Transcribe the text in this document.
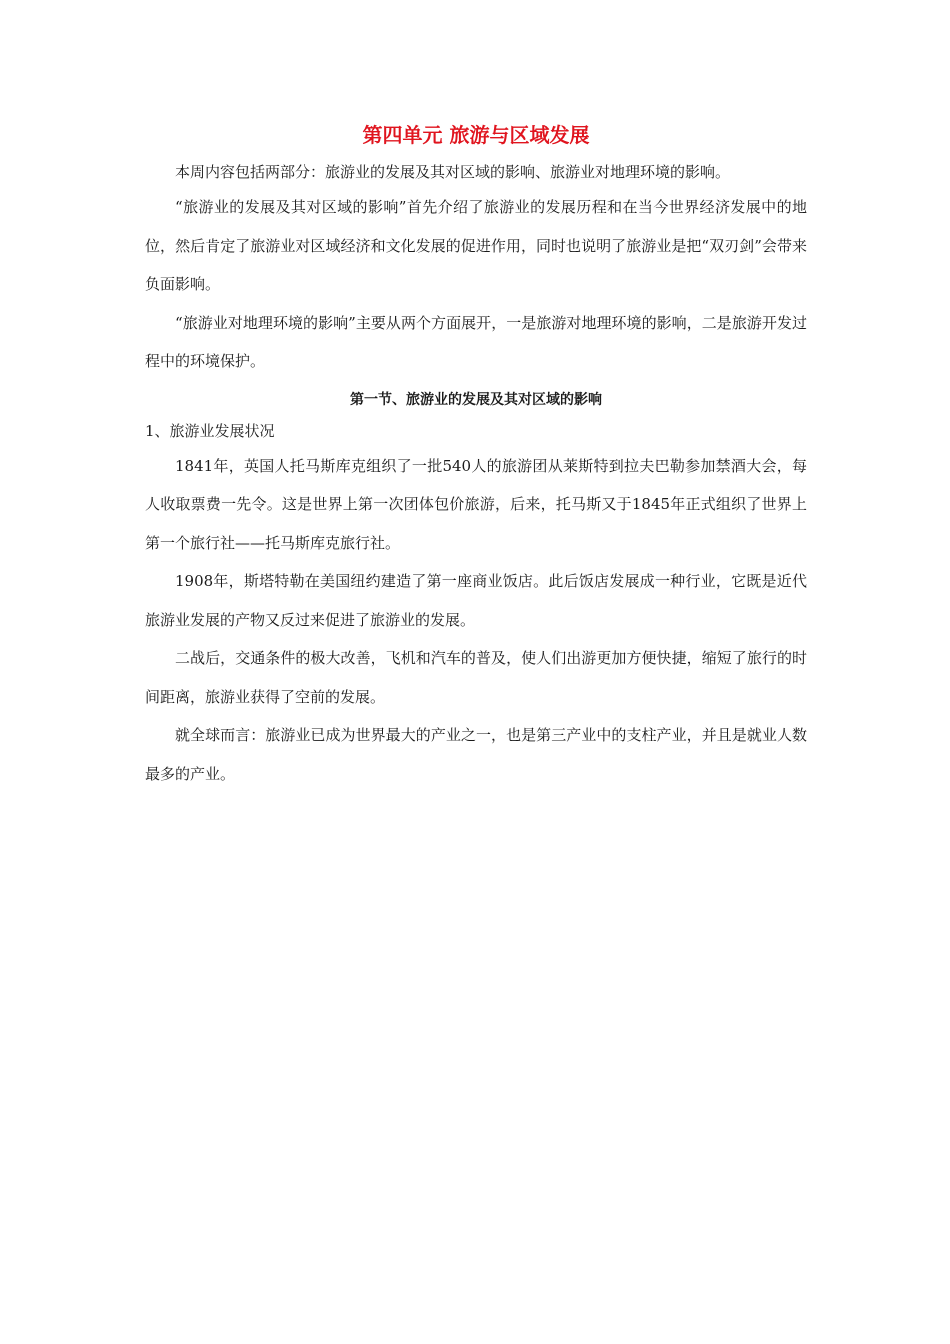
第四单元 旅游与区域发展

本周内容包括两部分：旅游业的发展及其对区域的影响、旅游业对地理环境的影响。

“旅游业的发展及其对区域的影响”首先介绍了旅游业的发展历程和在当今世界经济发展中的地位，然后肯定了旅游业对区域经济和文化发展的促进作用，同时也说明了旅游业是把“双刃剑”会带来负面影响。

“旅游业对地理环境的影响”主要从两个方面展开，一是旅游对地理环境的影响，二是旅游开发过程中的环境保护。

第一节、旅游业的发展及其对区域的影响

1、旅游业发展状况

1841年，英国人托马斯库克组织了一批540人的旅游团从莱斯特到拉夫巴勒参加禁酒大会，每人收取票费一先令。这是世界上第一次团体包价旅游，后来，托马斯又于1845年正式组织了世界上第一个旅行社——托马斯库克旅行社。

1908年，斯塔特勒在美国纽约建造了第一座商业饭店。此后饭店发展成一种行业，它既是近代旅游业发展的产物又反过来促进了旅游业的发展。

二战后，交通条件的极大改善，飞机和汽车的普及，使人们出游更加方便快捷，缩短了旅行的时间距离，旅游业获得了空前的发展。

就全球而言：旅游业已成为世界最大的产业之一，也是第三产业中的支柱产业，并且是就业人数最多的产业。
